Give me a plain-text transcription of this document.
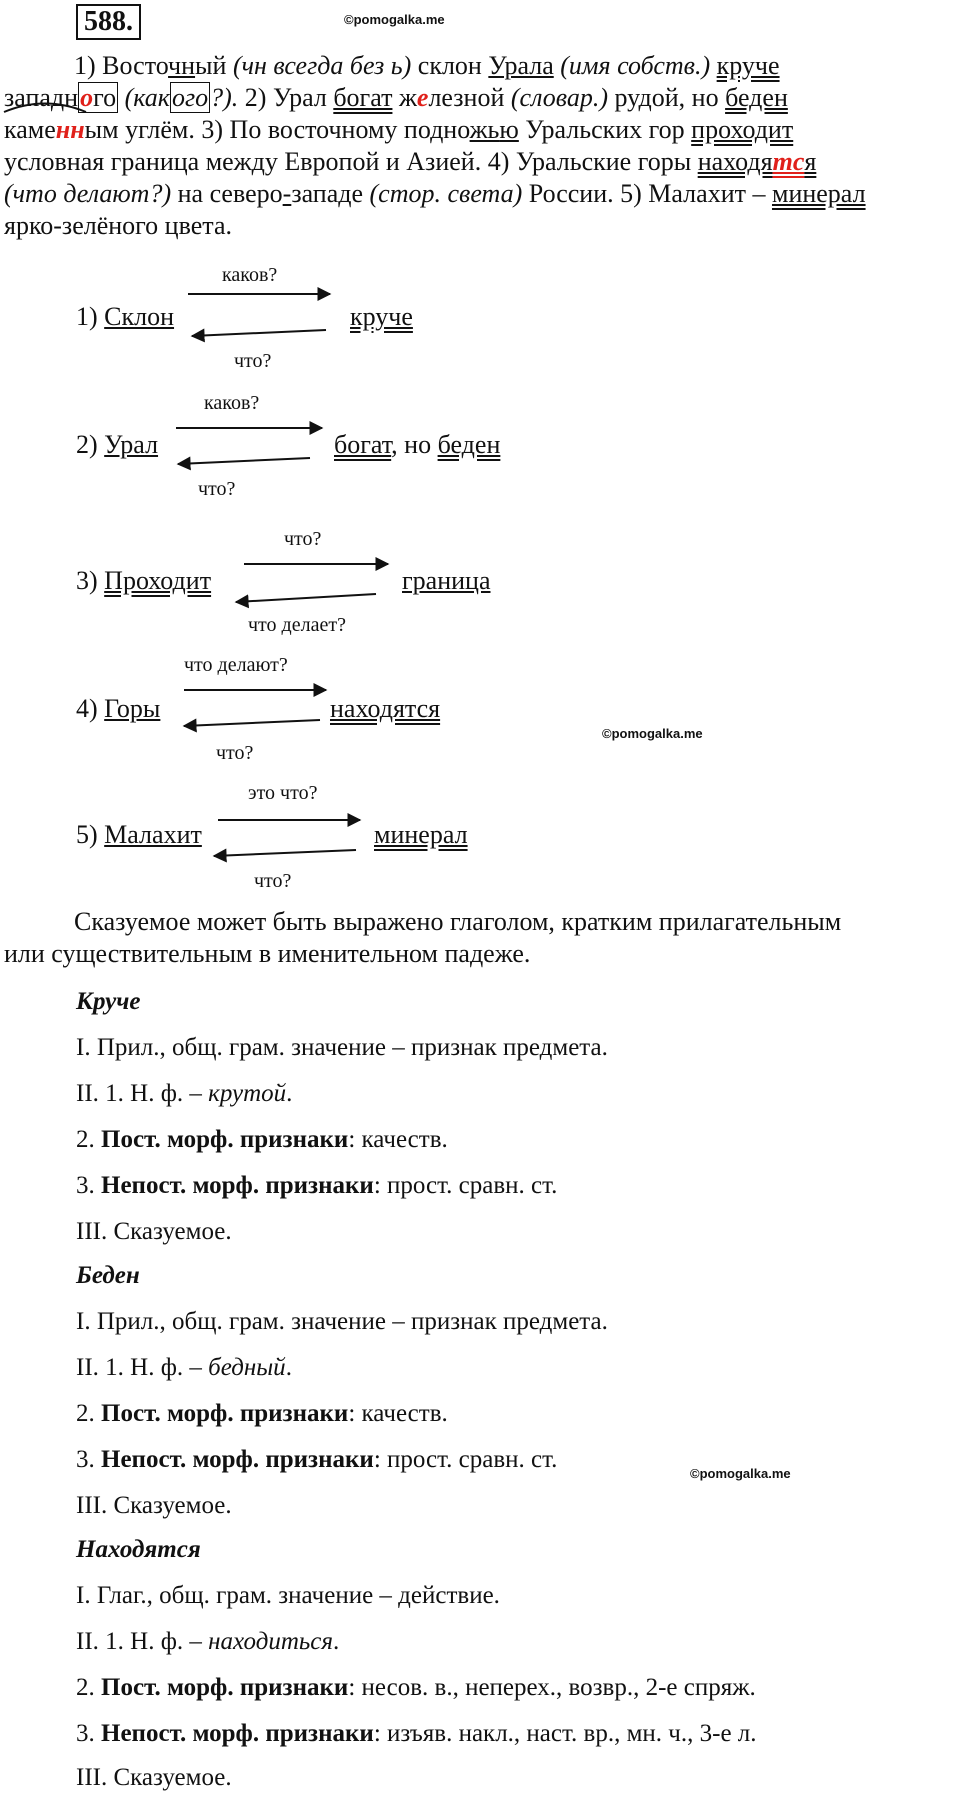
588.	©pomogalka.me
1) Восточный (чн всегда без ь) склон Урала (имя собств.) круче
западного (какого?). 2) Урал богат железной (словар.) рудой, но беден
каменным углём. 3) По восточному подножью Уральских гор проходит
условная граница между Европой и Азией. 4) Уральские горы находятся
(что делают?) на северо-западе (стор. света) России. 5) Малахит – минерал
ярко-зелёного цвета.
каков?
1) Склон	круче
что?
каков?
2) Урал	богат, но беден
что?
что?
3) Проходит	граница
что делает?
что делают?
4) Горы	находятся
©pomogalka.me
что?
это что?
5) Малахит	минерал
что?
Сказуемое может быть выражено глаголом, кратким прилагательным
или существительным в именительном падеже.
Круче
I. Прил., общ. грам. значение – признак предмета.
II. 1. Н. ф. – крутой.
2. Пост. морф. признаки: качеств.
3. Непост. морф. признаки: прост. сравн. ст.
III. Сказуемое.
Беден
I. Прил., общ. грам. значение – признак предмета.
II. 1. Н. ф. – бедный.
2. Пост. морф. признаки: качеств.
3. Непост. морф. признаки: прост. сравн. ст.
©pomogalka.me
III. Сказуемое.
Находятся
I. Глаг., общ. грам. значение – действие.
II. 1. Н. ф. – находиться.
2. Пост. морф. признаки: несов. в., неперех., возвр., 2-е спряж.
3. Непост. морф. признаки: изъяв. накл., наст. вр., мн. ч., 3-е л.
III. Сказуемое.
